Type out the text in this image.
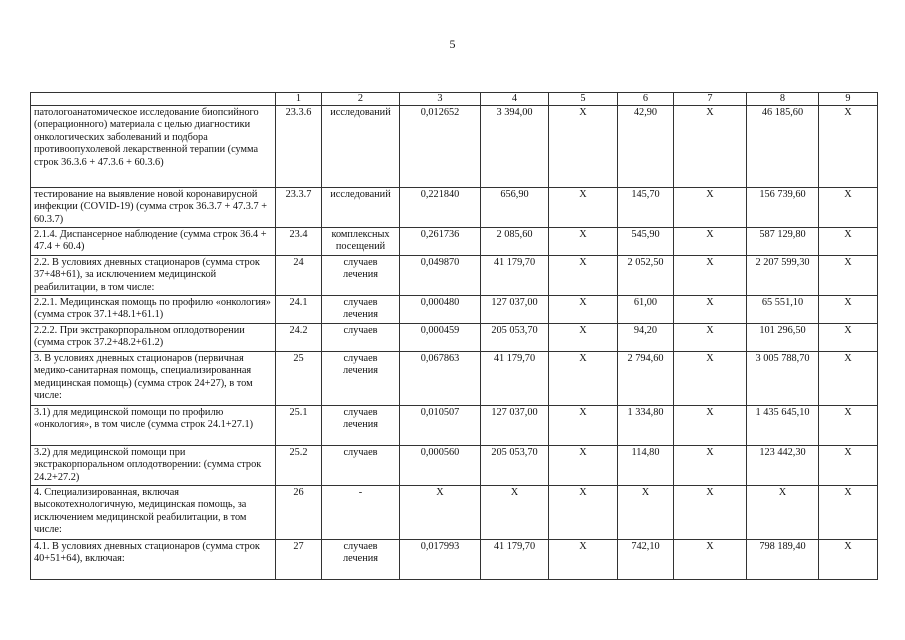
5
	1	2	3	4	5	6	7	8	9
патологоанатомическое исследование биопсийного (операционного) материала с целью диагностики онкологических заболеваний и подбора противоопухолевой лекарственной терапии (сумма строк 36.3.6 + 47.3.6 + 60.3.6)	23.3.6	исследований	0,012652	3 394,00	X	42,90	X	46 185,60	X
тестирование на выявление новой коронавирусной инфекции (COVID-19) (сумма строк 36.3.7 + 47.3.7 + 60.3.7)	23.3.7	исследований	0,221840	656,90	X	145,70	X	156 739,60	X
2.1.4. Диспансерное наблюдение (сумма строк 36.4 + 47.4 + 60.4)	23.4	комплексных посещений	0,261736	2 085,60	X	545,90	X	587 129,80	X
2.2. В условиях дневных стационаров (сумма строк 37+48+61), за исключением медицинской реабилитации, в том числе:	24	случаев лечения	0,049870	41 179,70	X	2 052,50	X	2 207 599,30	X
2.2.1. Медицинская помощь по профилю «онкология» (сумма строк 37.1+48.1+61.1)	24.1	случаев лечения	0,000480	127 037,00	X	61,00	X	65 551,10	X
2.2.2. При экстракорпоральном оплодотворении (сумма строк 37.2+48.2+61.2)	24.2	случаев	0,000459	205 053,70	X	94,20	X	101 296,50	X
3. В условиях дневных стационаров (первичная медико-санитарная помощь, специализированная медицинская помощь) (сумма строк 24+27), в том числе:	25	случаев лечения	0,067863	41 179,70	X	2 794,60	X	3 005 788,70	X
3.1) для медицинской помощи по профилю «онкология», в том числе (сумма строк 24.1+27.1)	25.1	случаев лечения	0,010507	127 037,00	X	1 334,80	X	1 435 645,10	X
3.2) для медицинской помощи при экстракорпоральном оплодотворении: (сумма строк 24.2+27.2)	25.2	случаев	0,000560	205 053,70	X	114,80	X	123 442,30	X
4. Специализированная, включая высокотехнологичную, медицинская помощь, за исключением медицинской реабилитации, в том числе:	26	-	X	X	X	X	X	X	X
4.1. В условиях дневных стационаров (сумма строк 40+51+64), включая:	27	случаев лечения	0,017993	41 179,70	X	742,10	X	798 189,40	X
